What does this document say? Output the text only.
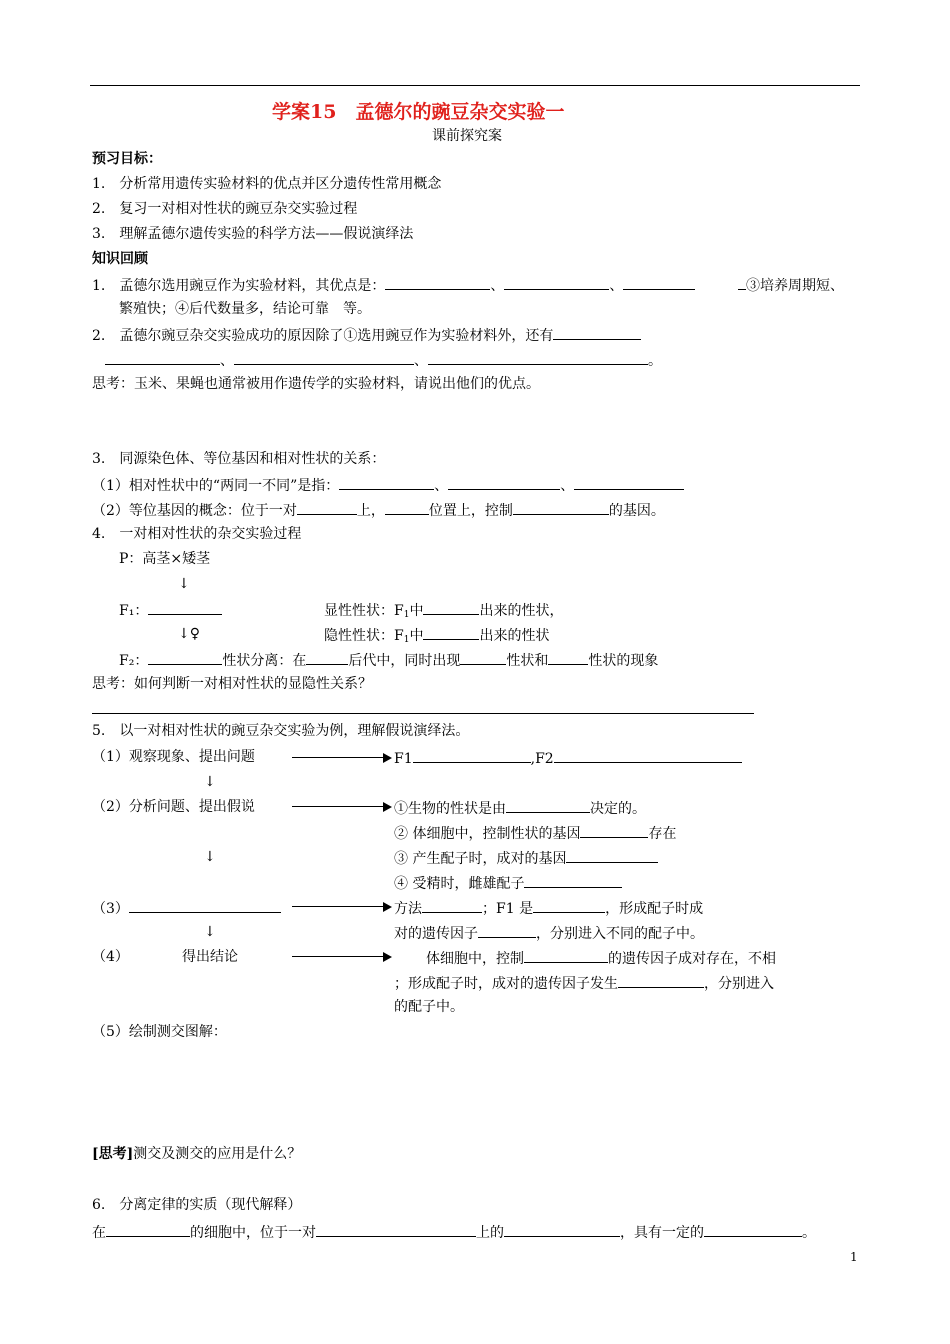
学案15　孟德尔的豌豆杂交实验一
课前探究案
预习目标：
1.　分析常用遗传实验材料的优点并区分遗传性常用概念
2.　复习一对相对性状的豌豆杂交实验过程
3.　理解孟德尔遗传实验的科学方法——假说演绎法
知识回顾
1.　孟德尔选用豌豆作为实验材料，其优点是：	、	、	③培养周期短、
繁殖快；④后代数量多，结论可靠　等。
2.　孟德尔豌豆杂交实验成功的原因除了①选用豌豆作为实验材料外，还有
、	、	。
思考：玉米、果蝇也通常被用作遗传学的实验材料，请说出他们的优点。
3.　同源染色体、等位基因和相对性状的关系：
（1）相对性状中的“两同一不同”是指：	、	、
（2）等位基因的概念：位于一对	上，	位置上，控制	的基因。
4.　一对相对性状的杂交实验过程
P：高茎×矮茎
↓
F₁：	显性性状：$F_1$中	出来的性状，
↓♀	隐性性状：$F_1$中	出来的性状
F₂：	性状分离：在	后代中，同时出现	性状和	性状的现象
思考：如何判断一对相对性状的显隐性关系？
5.　以一对相对性状的豌豆杂交实验为例，理解假说演绎法。
（1）观察现象、提出问题	F1	,F2
↓
（2）分析问题、提出假说	①生物的性状是由	决定的。
② 体细胞中，控制性状的基因	存在
↓	③ 产生配子时，成对的基因
④ 受精时，雌雄配子
（3）	方法	；F1 是	，形成配子时成
↓	对的遗传因子	，分别进入不同的配子中。
（4）	得出结论	体细胞中，控制	的遗传因子成对存在，不相
；形成配子时，成对的遗传因子发生	，分别进入
的配子中。
（5）绘制测交图解：
[思考]测交及测交的应用是什么？
6.　分离定律的实质（现代解释）
在	的细胞中，位于一对	上的	，具有一定的	。
1
